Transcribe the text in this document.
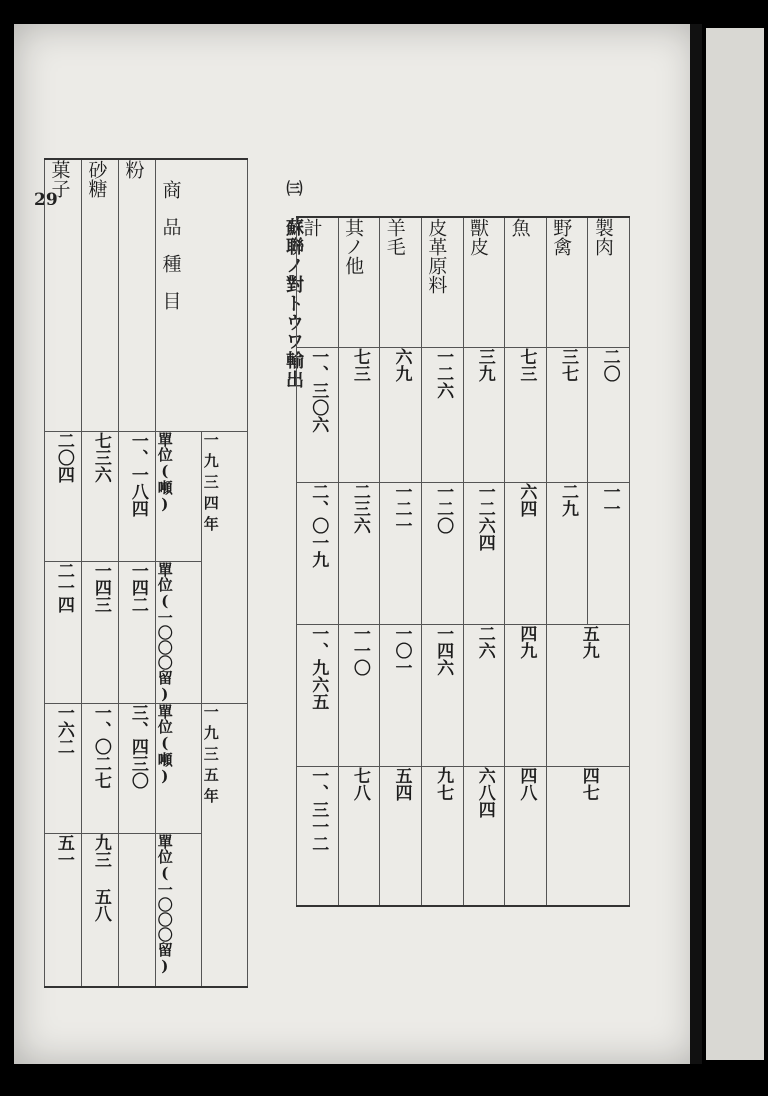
29
㈢ 蘇聯ノ對トウワ輸出
計	其ノ他	羊毛	皮革原料	獸皮	魚	野禽	製肉

一、三〇六	七三	六九	一二六	三九	七三	三七	二〇

二、〇一九	二三六	一二一	一二〇	一二六四	六四	二九	一一

一、九六五	一一〇	一〇一	一四六	二六	四九	五九	

一、三一二	七八	五四	九七	六八四	四八	四七	
菓子	砂糖	粉	商品種目	

二〇四	七三六	一、一八四	單位(噸)	一九三四年

二一四	一四三	一四二	單位(一〇〇〇留)	

一六二	一、〇二七	三、四三〇	單位(噸)	一九三五年

五一	九三 五八		單位(一〇〇〇留)	
